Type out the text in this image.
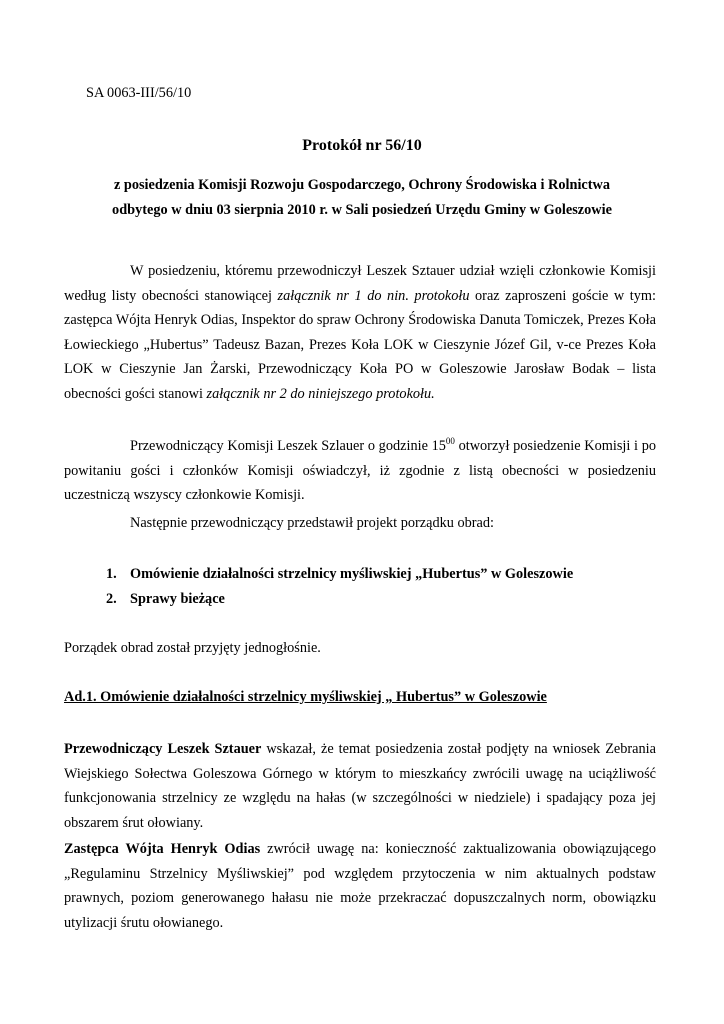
SA 0063-III/56/10
Protokół nr 56/10
z posiedzenia Komisji Rozwoju Gospodarczego, Ochrony Środowiska i Rolnictwa
odbytego w dniu 03 sierpnia 2010 r. w Sali posiedzeń Urzędu Gminy w Goleszowie

W posiedzeniu, któremu przewodniczył Leszek Sztauer udział wzięli członkowie Komisji według listy obecności stanowiącej załącznik nr 1 do nin. protokołu oraz zaproszeni goście w tym: zastępca Wójta Henryk Odias, Inspektor do spraw Ochrony Środowiska Danuta Tomiczek, Prezes Koła Łowieckiego „Hubertus” Tadeusz Bazan, Prezes Koła LOK w Cieszynie Józef Gil, v-ce Prezes Koła LOK w Cieszynie Jan Żarski, Przewodniczący Koła PO w Goleszowie Jarosław Bodak – lista obecności gości stanowi załącznik nr 2 do niniejszego protokołu.

Przewodniczący Komisji Leszek Szlauer o godzinie $15^{00}$ otworzył posiedzenie Komisji i po powitaniu gości i członków Komisji oświadczył, iż zgodnie z listą obecności w posiedzeniu uczestniczą wszyscy członkowie Komisji.

Następnie przewodniczący przedstawił projekt porządku obrad:

1. Omówienie działalności strzelnicy myśliwskiej „Hubertus” w Goleszowie
2. Sprawy bieżące

Porządek obrad został przyjęty jednogłośnie.

Ad.1. Omówienie działalności strzelnicy myśliwskiej „ Hubertus” w Goleszowie

Przewodniczący Leszek Sztauer wskazał, że temat posiedzenia został podjęty na wniosek Zebrania Wiejskiego Sołectwa Goleszowa Górnego w którym to mieszkańcy zwrócili uwagę na uciążliwość funkcjonowania strzelnicy ze względu na hałas (w szczególności w niedziele) i spadający poza jej obszarem śrut ołowiany.

Zastępca Wójta Henryk Odias zwrócił uwagę na: konieczność zaktualizowania obowiązującego „Regulaminu Strzelnicy Myśliwskiej” pod względem przytoczenia w nim aktualnych podstaw prawnych, poziom generowanego hałasu nie może przekraczać dopuszczalnych norm, obowiązku utylizacji śrutu ołowianego.
